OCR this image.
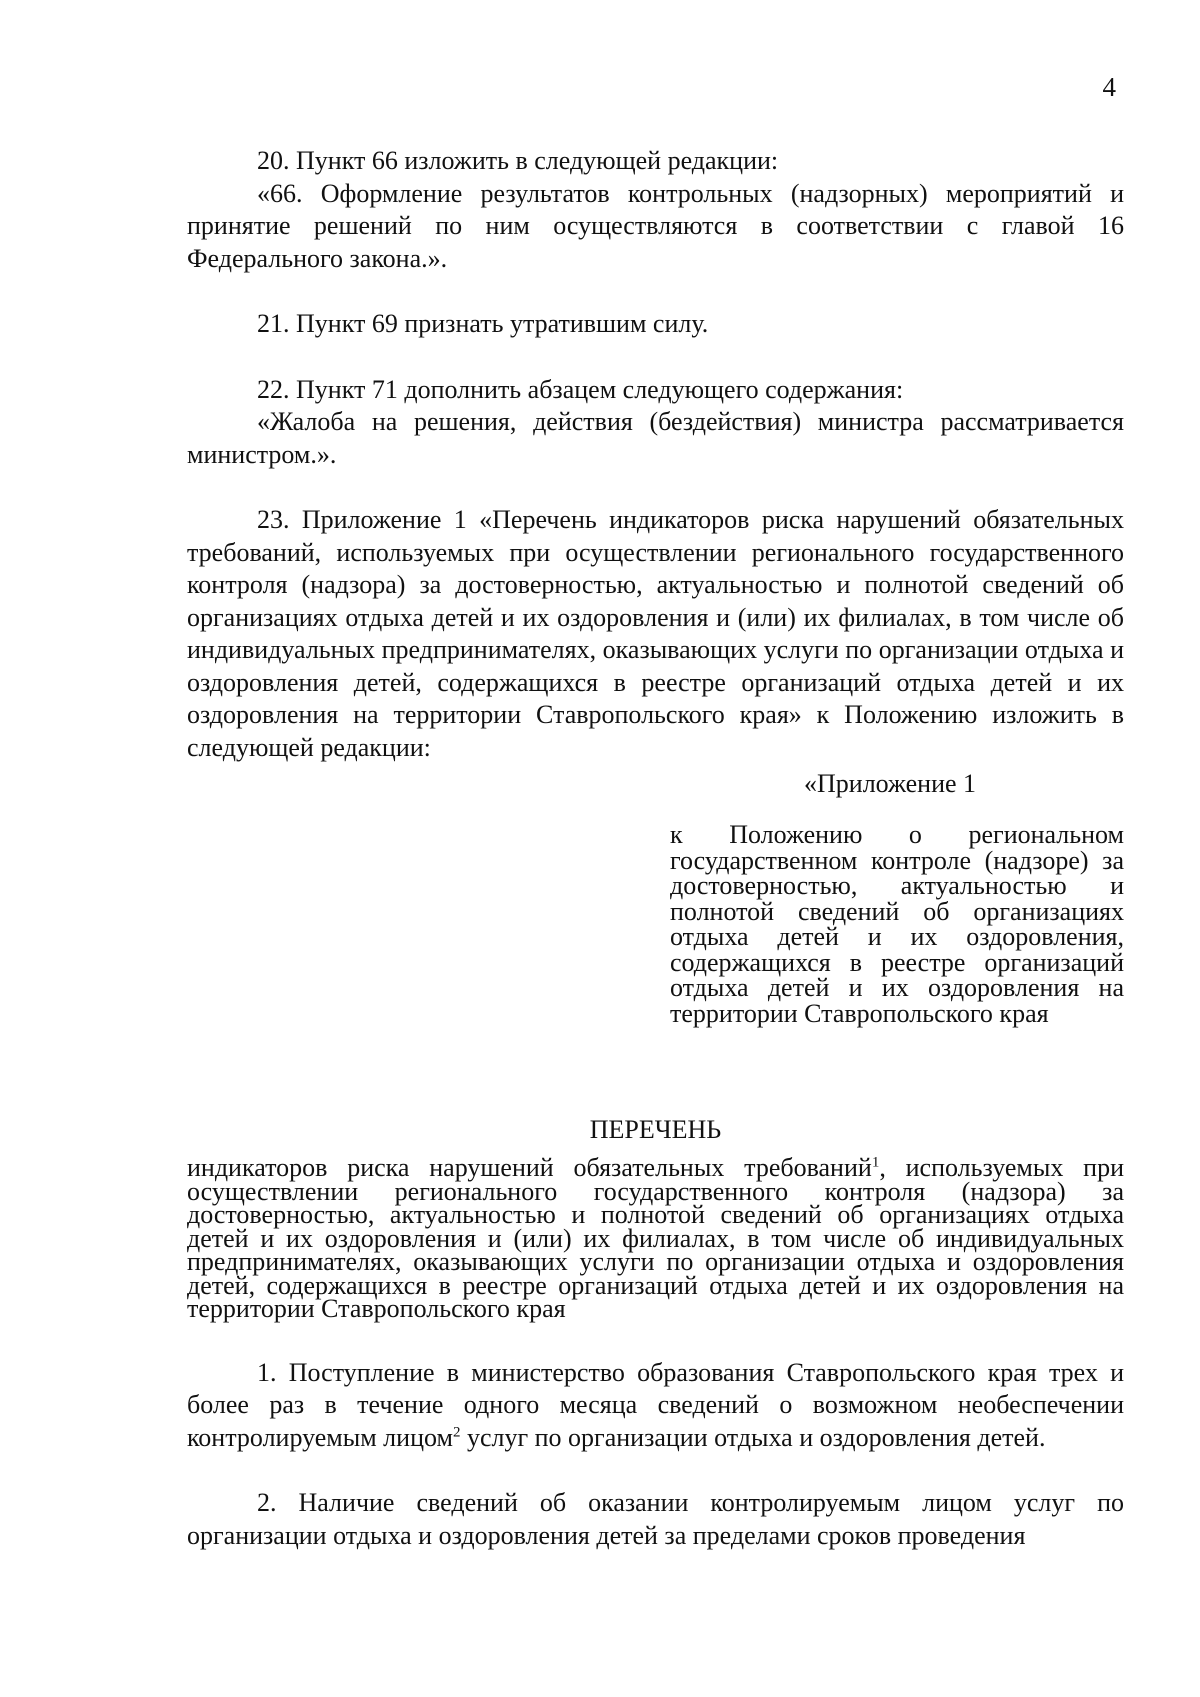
4

20. Пункт 66 изложить в следующей редакции:

«66. Оформление результатов контрольных (надзорных) мероприятий и принятие решений по ним осуществляются в соответствии с главой 16 Федерального закона.».

21. Пункт 69 признать утратившим силу.

22. Пункт 71 дополнить абзацем следующего содержания:

«Жалоба на решения, действия (бездействия) министра рассматривается министром.».

23. Приложение 1 «Перечень индикаторов риска нарушений обязательных требований, используемых при осуществлении регионального государственного контроля (надзора) за достоверностью, актуальностью и полнотой сведений об организациях отдыха детей и их оздоровления и (или) их филиалах, в том числе об индивидуальных предпринимателях, оказывающих услуги по организации отдыха и оздоровления детей, содержащихся в реестре организаций отдыха детей и их оздоровления на территории Ставропольского края» к Положению изложить в следующей редакции:

«Приложение 1
к Положению о региональном государственном контроле (надзоре) за достоверностью, актуальностью и полнотой сведений об организациях отдыха детей и их оздоровления, содержащихся в реестре организаций отдыха детей и их оздоровления на территории Ставропольского края
ПЕРЕЧЕНЬ

индикаторов риска нарушений обязательных требований$^1$, используемых при осуществлении регионального государственного контроля (надзора) за достоверностью, актуальностью и полнотой сведений об организациях отдыха детей и их оздоровления и (или) их филиалах, в том числе об индивидуальных предпринимателях, оказывающих услуги по организации отдыха и оздоровления детей, содержащихся в реестре организаций отдыха детей и их оздоровления на территории Ставропольского края

1. Поступление в министерство образования Ставропольского края трех и более раз в течение одного месяца сведений о возможном необеспечении контролируемым лицом$^2$ услуг по организации отдыха и оздоровления детей.

2. Наличие сведений об оказании контролируемым лицом услуг по организации отдыха и оздоровления детей за пределами сроков проведения
